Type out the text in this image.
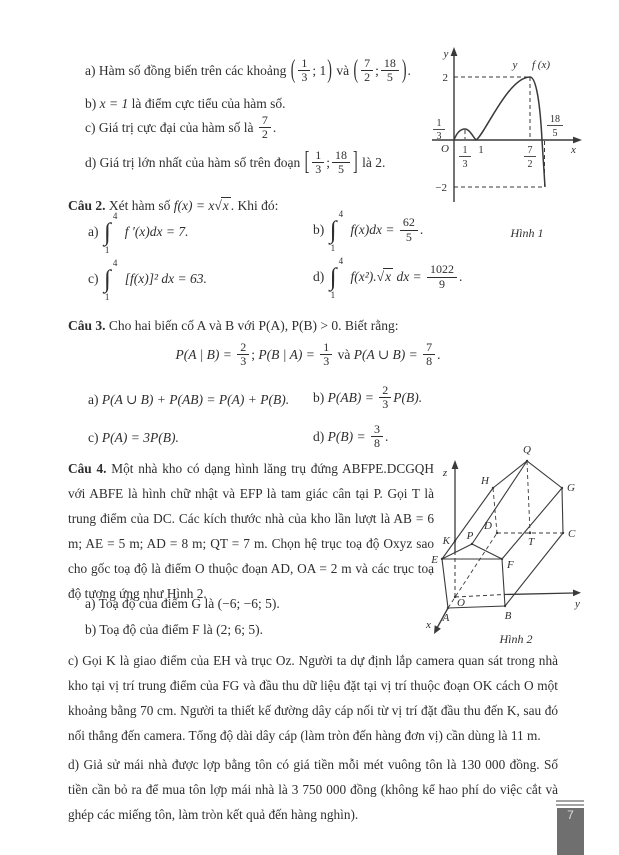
a) Hàm số đồng biến trên các khoảng ( $\frac{1}{3}$ ; 1) và ( $\frac{7}{2}$ ; $\frac{18}{5}$ ).
b) x = 1 là điểm cực tiểu của hàm số.
c) Giá trị cực đại của hàm số là $\frac{7}{2}$ .
d) Giá trị lớn nhất của hàm số trên đoạn [ $\frac{1}{3}$ ; $\frac{18}{5}$ ] là 2.
y
x
O
y f (x)
2
−2
1
3
1
3
1	7
2
18
5
Hình 1
Câu 2. Xét hàm số f(x) = x√x . Khi đó:
a) ∫
4
1
f ′(x)dx = 7.	b) ∫
4
1
$f(x)dx = \frac{62}{5}$ .
c) ∫
4
1
[f(x)]² dx = 63.	d) ∫
4
1
f(x²).√x dx = $\frac{1022}{9}$ .
Câu 3. Cho hai biến cố A và B với P(A), P(B) > 0. Biết rằng:
P(A | $B) = \frac{2}{3}$ ; P(B | $A) = \frac{1}{3}$ và P(A ∪ $B) = \frac{7}{8}$ .
a) P(A ∪ B) + P(AB) = P(A) + P(B). b) $P(AB) = \frac{2}{3} P(B)$.
c) P(A) = 3P(B).	d) $P(B) = \frac{3}{8}$ .
Câu 4. Một nhà kho có dạng hình lăng trụ đứng ABFPE.DCGQH với ABFE là hình chữ nhật và EFP là tam giác cân tại P. Gọi T là trung điểm của DC. Các kích thước nhà của kho lần lượt là AB = 6 m; AE = 5 m; AD = 8 m; QT = 7 m. Chọn hệ trục toạ độ Oxyz sao cho gốc toạ độ là điểm O thuộc đoạn AD, OA = 2 m và các trục toạ độ tương ứng như Hình 2.
a) Toạ độ của điểm G là (−6; −6; 5).
b) Toạ độ của điểm F là (2; 6; 5).
c) Gọi K là giao điểm của EH và trục Oz. Người ta dự định lắp camera quan sát trong nhà kho tại vị trí trung điểm của FG và đầu thu dữ liệu đặt tại vị trí thuộc đoạn OK cách O một khoảng bằng 70 cm. Người ta thiết kế đường dây cáp nối từ vị trí đặt đầu thu đến K, sau đó nối thẳng đến camera. Tổng độ dài dây cáp (làm tròn đến hàng đơn vị) cần dùng là 11 m.
d) Giả sử mái nhà được lợp bằng tôn có giá tiền mỗi mét vuông tôn là 130 000 đồng. Số tiền cần bỏ ra để mua tôn lợp mái nhà là 3 750 000 đồng (không kể hao phí do việc cắt và ghép các miếng tôn, làm tròn kết quả đến hàng nghìn).
z
Q
H
G
D
T
C
K P
E	F
O
A	B
y
x
Hình 2
7
